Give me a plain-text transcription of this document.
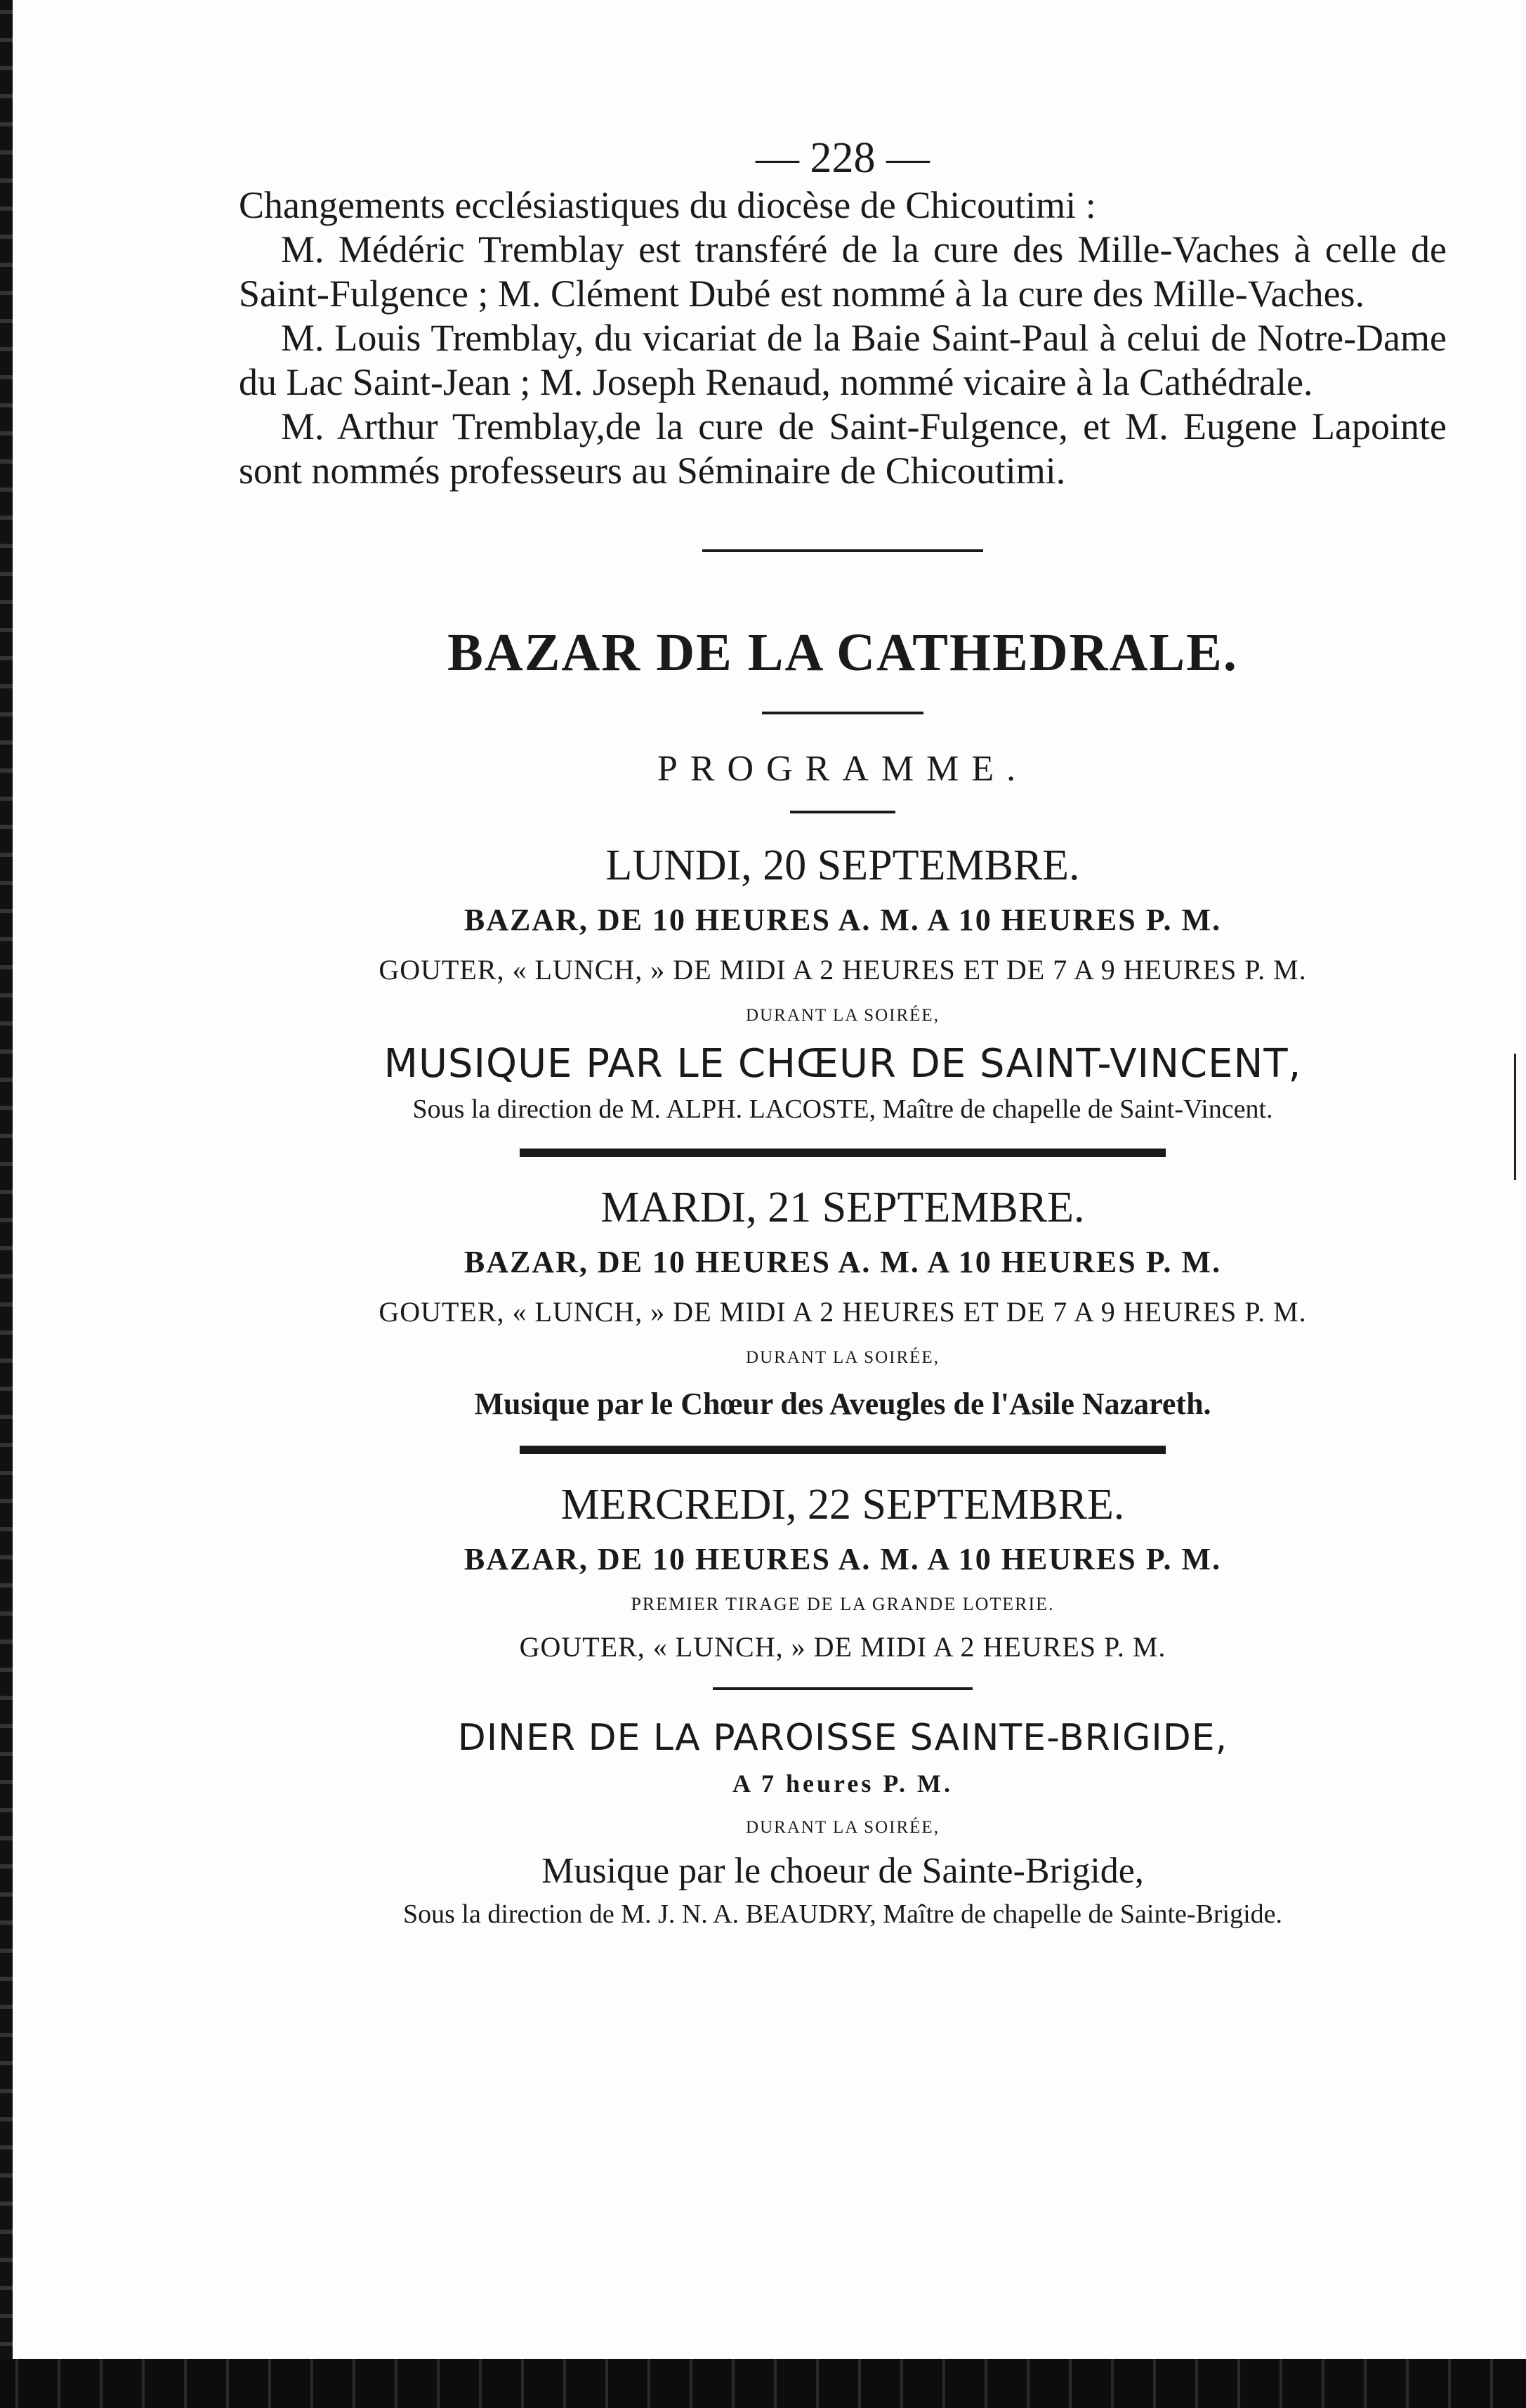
— 228 —

Changements ecclésiastiques du diocèse de Chicoutimi :

M. Médéric Tremblay est transféré de la cure des Mille-Vaches à celle de Saint-Fulgence ; M. Clément Dubé est nommé à la cure des Mille-Vaches.

M. Louis Tremblay, du vicariat de la Baie Saint-Paul à celui de Notre-Dame du Lac Saint-Jean ; M. Joseph Renaud, nommé vicaire à la Cathédrale.

M. Arthur Tremblay,de la cure de Saint-Fulgence, et M. Eugene Lapointe sont nommés professeurs au Séminaire de Chicoutimi.

BAZAR DE LA CATHEDRALE.

PROGRAMME.

LUNDI, 20 SEPTEMBRE.

BAZAR, DE 10 HEURES A. M. A 10 HEURES P. M.

GOUTER, « LUNCH, » DE MIDI A 2 HEURES ET DE 7 A 9 HEURES P. M.

DURANT LA SOIRÉE,

MUSIQUE PAR LE CHŒUR DE SAINT-VINCENT,

Sous la direction de M. ALPH. LACOSTE, Maître de chapelle de Saint-Vincent.

MARDI, 21 SEPTEMBRE.

BAZAR, DE 10 HEURES A. M. A 10 HEURES P. M.

GOUTER, « LUNCH, » DE MIDI A 2 HEURES ET DE 7 A 9 HEURES P. M.

DURANT LA SOIRÉE,

Musique par le Chœur des Aveugles de l'Asile Nazareth.

MERCREDI, 22 SEPTEMBRE.

BAZAR, DE 10 HEURES A. M. A 10 HEURES P. M.

PREMIER TIRAGE DE LA GRANDE LOTERIE.

GOUTER, « LUNCH, » DE MIDI A 2 HEURES P. M.

DINER DE LA PAROISSE SAINTE-BRIGIDE,

A 7 heures P. M.

DURANT LA SOIRÉE,

Musique par le choeur de Sainte-Brigide,

Sous la direction de M. J. N. A. BEAUDRY, Maître de chapelle de Sainte-Brigide.
